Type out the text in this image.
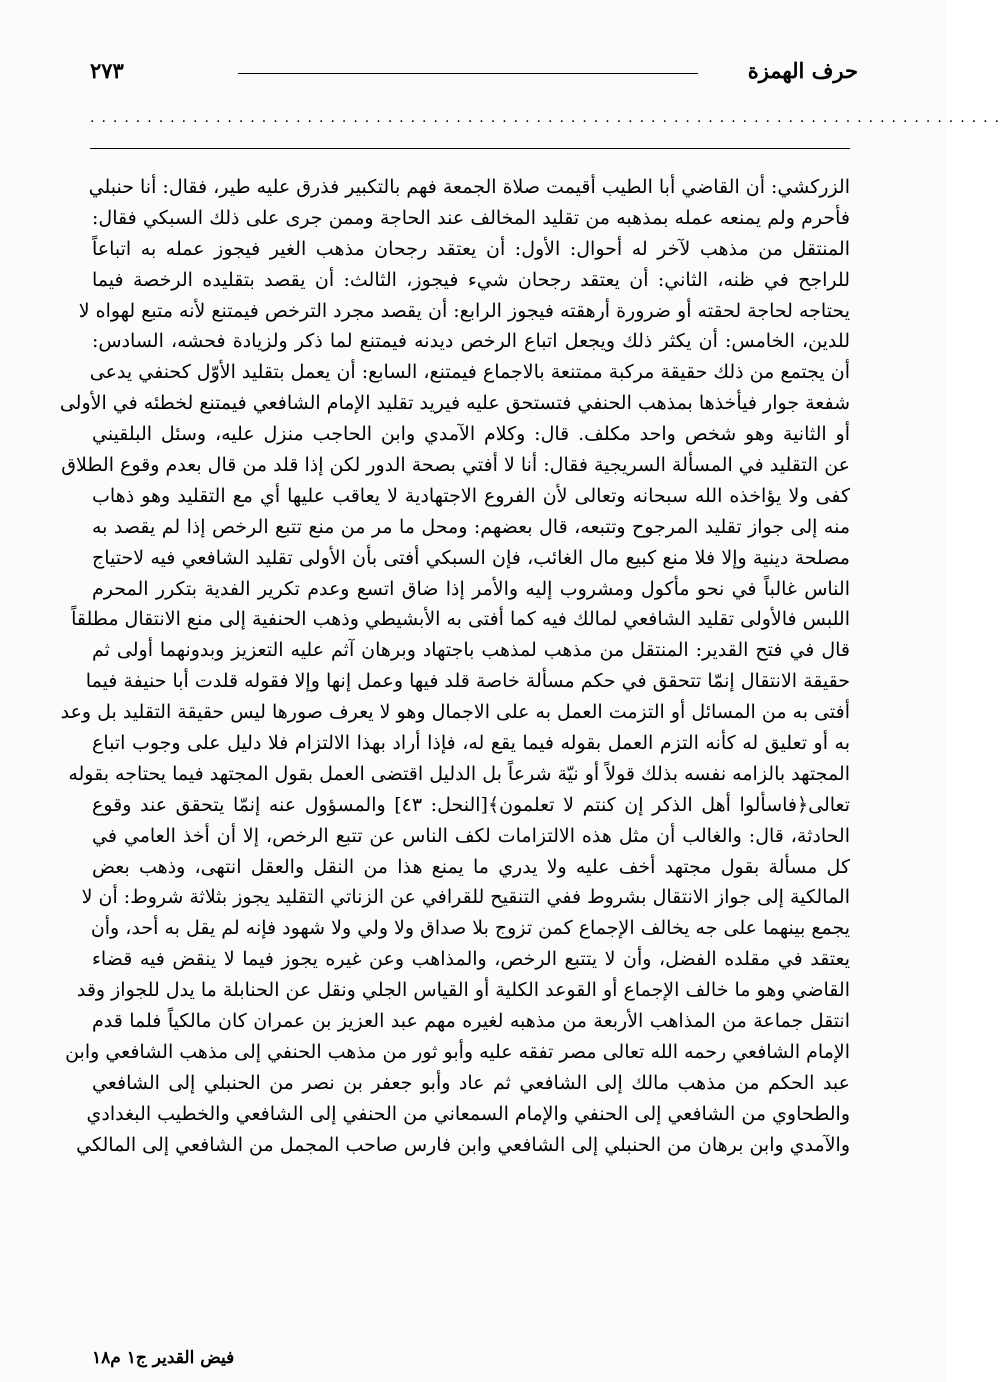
حرف الهمزة
٢٧٣
................................................................................
الزركشي: أن القاضي أبا الطيب أقيمت صلاة الجمعة فهم بالتكبير فذرق عليه طير، فقال: أنا حنبلي
فأحرم ولم يمنعه عمله بمذهبه من تقليد المخالف عند الحاجة وممن جرى على ذلك السبكي فقال:
المنتقل من مذهب لآخر له أحوال: الأول: أن يعتقد رجحان مذهب الغير فيجوز عمله به اتباعاً
للراجح في ظنه، الثاني: أن يعتقد رجحان شيء فيجوز، الثالث: أن يقصد بتقليده الرخصة فيما
يحتاجه لحاجة لحقته أو ضرورة أرهقته فيجوز الرابع: أن يقصد مجرد الترخص فيمتنع لأنه متبع لهواه لا
للدين، الخامس: أن يكثر ذلك ويجعل اتباع الرخص ديدنه فيمتنع لما ذكر ولزيادة فحشه، السادس:
أن يجتمع من ذلك حقيقة مركبة ممتنعة بالاجماع فيمتنع، السابع: أن يعمل بتقليد الأوّل كحنفي يدعى
شفعة جوار فيأخذها بمذهب الحنفي فتستحق عليه فيريد تقليد الإمام الشافعي فيمتنع لخطئه في الأولى
أو الثانية وهو شخص واحد مكلف. قال: وكلام الآمدي وابن الحاجب منزل عليه، وسئل البلقيني
عن التقليد في المسألة السريجية فقال: أنا لا أفتي بصحة الدور لكن إذا قلد من قال بعدم وقوع الطلاق
كفى ولا يؤاخذه الله سبحانه وتعالى لأن الفروع الاجتهادية لا يعاقب عليها أي مع التقليد وهو ذهاب
منه إلى جواز تقليد المرجوح وتتبعه، قال بعضهم: ومحل ما مر من منع تتبع الرخص إذا لم يقصد به
مصلحة دينية وإلا فلا منع كبيع مال الغائب، فإن السبكي أفتى بأن الأولى تقليد الشافعي فيه لاحتياج
الناس غالباً في نحو مأكول ومشروب إليه والأمر إذا ضاق اتسع وعدم تكرير الفدية بتكرر المحرم
اللبس فالأولى تقليد الشافعي لمالك فيه كما أفتى به الأبشيطي وذهب الحنفية إلى منع الانتقال مطلقاً
قال في فتح القدير: المنتقل من مذهب لمذهب باجتهاد وبرهان آثم عليه التعزيز وبدونهما أولى ثم
حقيقة الانتقال إنمّا تتحقق في حكم مسألة خاصة قلد فيها وعمل إنها وإلا فقوله قلدت أبا حنيفة فيما
أفتى به من المسائل أو التزمت العمل به على الاجمال وهو لا يعرف صورها ليس حقيقة التقليد بل وعد
به أو تعليق له كأنه التزم العمل بقوله فيما يقع له، فإذا أراد بهذا الالتزام فلا دليل على وجوب اتباع
المجتهد بالزامه نفسه بذلك قولاً أو نيّة شرعاً بل الدليل اقتضى العمل بقول المجتهد فيما يحتاجه بقوله
تعالى﴿فاسألوا أهل الذكر إن كنتم لا تعلمون﴾[النحل: ٤٣] والمسؤول عنه إنمّا يتحقق عند وقوع
الحادثة، قال: والغالب أن مثل هذه الالتزامات لكف الناس عن تتبع الرخص، إلا أن أخذ العامي في
كل مسألة بقول مجتهد أخف عليه ولا يدري ما يمنع هذا من النقل والعقل انتهى، وذهب بعض
المالكية إلى جواز الانتقال بشروط ففي التنقيح للقرافي عن الزناتي التقليد يجوز بثلاثة شروط: أن لا
يجمع بينهما على جه يخالف الإجماع كمن تزوج بلا صداق ولا ولي ولا شهود فإنه لم يقل به أحد، وأن
يعتقد في مقلده الفضل، وأن لا يتتبع الرخص، والمذاهب وعن غيره يجوز فيما لا ينقض فيه قضاء
القاضي وهو ما خالف الإجماع أو القوعد الكلية أو القياس الجلي ونقل عن الحنابلة ما يدل للجواز وقد
انتقل جماعة من المذاهب الأربعة من مذهبه لغيره مهم عبد العزيز بن عمران كان مالكياً فلما قدم
الإمام الشافعي رحمه الله تعالى مصر تفقه عليه وأبو ثور من مذهب الحنفي إلى مذهب الشافعي وابن
عبد الحكم من مذهب مالك إلى الشافعي ثم عاد وأبو جعفر بن نصر من الحنبلي إلى الشافعي
والطحاوي من الشافعي إلى الحنفي والإمام السمعاني من الحنفي إلى الشافعي والخطيب البغدادي
والآمدي وابن برهان من الحنبلي إلى الشافعي وابن فارس صاحب المجمل من الشافعي إلى المالكي
فيض القدير ج١ م١٨
